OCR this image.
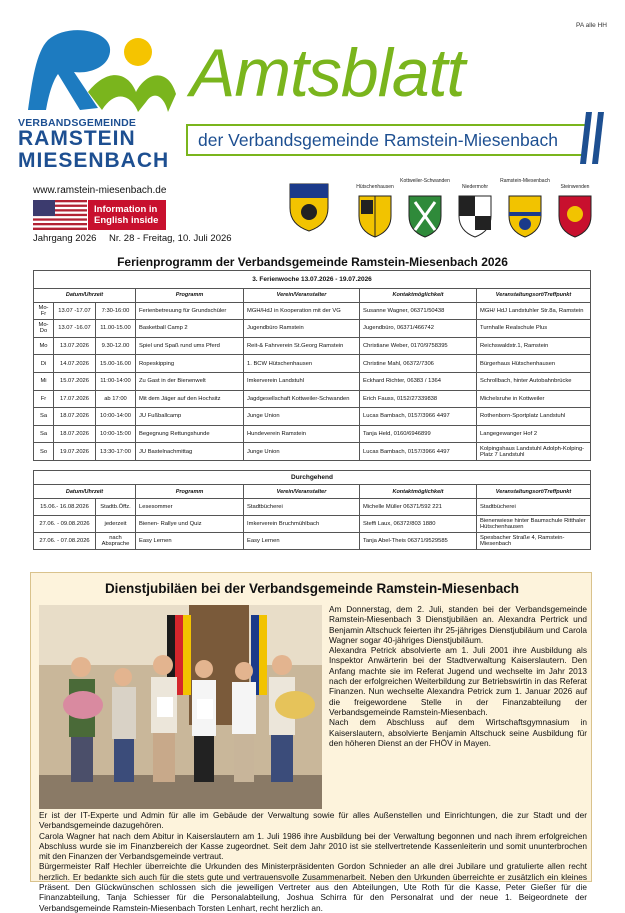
VERBANDSGEMEINDE
RAMSTEIN
MIESENBACH
PA alle HH
Amtsblatt
der Verbandsgemeinde Ramstein-Miesenbach
www.ramstein-miesenbach.de
Information in
English inside
Jahrgang 2026 Nr. 28 - Freitag, 10. Juli 2026
Hütschenhausen
Kottweiler-Schwanden
Niedermohr
Ramstein-Miesenbach
Steinwenden
Ferienprogramm der Verbandsgemeinde Ramstein-Miesenbach 2026
3. Ferienwoche 13.07.2026 - 19.07.2026						
Datum/Uhrzeit			Programm	Verein/Veranstalter	Kontaktmöglichkeit	Veranstaltungsort/Treffpunkt
Mo-Fr	13.07 -17.07	7:30-16:00	Ferienbetreuung für Grundschüler	MGH/HdJ in Kooperation mit der VG	Susanne Wagner, 06371/50438	MGH/ HdJ Landstuhler Str.8a, Ramstein
Mo-Do	13.07 -16.07	11.00-15.00	Basketball Camp 2	Jugendbüro Ramstein	Jugendbüro, 06371/466742	Turnhalle Realschule Plus
Mo	13.07.2026	9.30-12.00	Spiel und Spaß rund ums Pferd	Reit-& Fahrverein St.Georg Ramstein	Christiane Weber, 0170/9758395	Reichswaldstr.1, Ramstein
Di	14.07.2026	15.00-16.00	Ropeskipping	1. BCW Hütschenhausen	Christine Mahl, 06372/7306	Bürgerhaus Hütschenhausen
Mi	15.07.2026	11:00-14:00	Zu Gast in der Bienenwelt	Imkerverein Landstuhl	Eckhard Richter, 06383 / 1364	Schrollbach, hinter Autobahnbrücke
Fr	17.07.2026	ab 17:00	Mit dem Jäger auf den Hochsitz	Jagdgesellschaft Kottweiler-Schwanden	Erich Fauss, 0152/27339838	Michelsruhe in Kottweiler
Sa	18.07.2026	10:00-14:00	JU Fußballcamp	Junge Union	Lucas Bambach, 0157/3966 4497	Rothenborn-Sportplatz Landstuhl
Sa	18.07.2026	10:00-15:00	Begegnung Rettungshunde	Hundeverein Ramstein	Tanja Held, 0160/6946899	Langegewanger Hof 2
So	19.07.2026	13:30-17:00	JU Bastelnachmittag	Junge Union	Lucas Bambach, 0157/3966 4497	Kolpingshaus Landstuhl Adolph-Kolping-Platz 7 Landstuhl
Durchgehend					
Datum/Uhrzeit		Programm	Verein/Veranstalter	Kontaktmöglichkeit	Veranstaltungsort/Treffpunkt
15.06.- 16.08.2026	Stadtb.Öffz.	Lesesommer	Stadtbücherei	Michelle Müller 06371/592 221	Stadtbücherei
27.06. - 09.08.2026	jederzeit	Bienen- Rallye und Quiz	Imkerverein Bruchmühlbach	Steffi Laux, 06372/803 1880	Bienenwiese hinter Baumschule Ritthaler Hütschenhausen
27.06. - 07.08.2026	nach Absprache	Easy Lernen	Easy Lernen	Tanja Abel-Theis 06371/9529585	Spesbacher Straße 4, Ramstein-Miesenbach
Dienstjubiläen bei der Verbandsgemeinde Ramstein-Miesenbach

Am Donnerstag, dem 2. Juli, standen bei der Verbandsgemeinde Ramstein-Miesenbach 3 Dienstjubiläen an. Alexandra Pertrick und Benjamin Altschuck feierten ihr 25-jähriges Dienstjubiläum und Carola Wagner sogar 40-jähriges Dienstjubiläum.

Alexandra Petrick absolvierte am 1. Juli 2001 ihre Ausbildung als Inspektor Anwärterin bei der Stadtverwaltung Kaiserslautern. Den Anfang machte sie im Referat Jugend und wechselte im Jahr 2013 nach der erfolgreichen Weiterbildung zur Betriebswirtin in das Referat Finanzen. Nun wechselte Alexandra Petrick zum 1. Januar 2026 auf die freigewordene Stelle in der Finanzabteilung der Verbandsgemeinde Ramstein-Miesenbach.

Nach dem Abschluss auf dem Wirtschaftsgymnasium in Kaiserslautern, absolvierte Benjamin Altschuck seine Ausbildung für den höheren Dienst an der FHÖV in Mayen.

Er ist der IT-Experte und Admin für alle im Gebäude der Verwaltung sowie für alles Außenstellen und Einrichtungen, die zur Stadt und der Verbandsgemeinde dazugehören.

Carola Wagner hat nach dem Abitur in Kaiserslautern am 1. Juli 1986 ihre Ausbildung bei der Verwaltung begonnen und nach ihrem erfolgreichen Abschluss wurde sie im Finanzbereich der Kasse zugeordnet. Seit dem Jahr 2010 ist sie stellvertretende Kassenleiterin und somit ununterbrochen mit den Finanzen der Verbandsgemeinde vertraut.

Bürgermeister Ralf Hechler überreichte die Urkunden des Ministerpräsidenten Gordon Schnieder an alle drei Jubilare und gratulierte allen recht herzlich. Er bedankte sich auch für die stets gute und vertrauensvolle Zusammenarbeit. Neben den Urkunden überreichte er zusätzlich ein kleines Präsent. Den Glückwünschen schlossen sich die jeweiligen Vertreter aus den Abteilungen, Ute Roth für die Kasse, Peter Gießer für die Finanzabteilung, Tanja Schiesser für die Personalabteilung, Joshua Schirra für den Personalrat und der neue 1. Beigeordnete der Verbandsgemeinde Ramstein-Miesenbach Torsten Lenhart, recht herzlich an.
